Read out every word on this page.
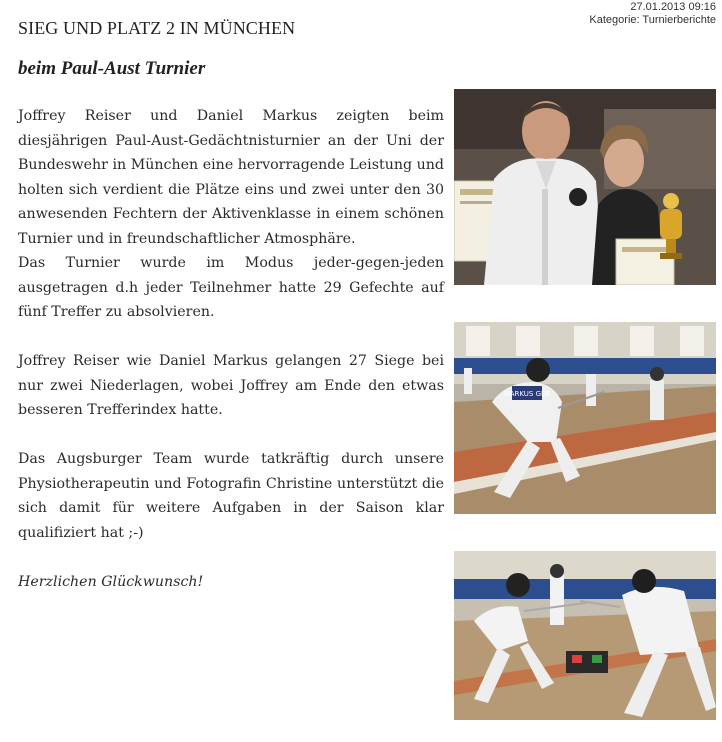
27.01.2013 09:16
Kategorie: Turnierberichte
SIEG UND PLATZ 2 IN MÜNCHEN
beim Paul-Aust Turnier

Joffrey Reiser und Daniel Markus zeigten beim diesjährigen Paul-Aust-Gedächtnisturnier an der Uni der Bundeswehr in München eine hervorragende Leistung und holten sich verdient die Plätze eins und zwei unter den 30 anwesenden Fechtern der Aktivenklasse in einem schönen Turnier und in freundschaftlicher Atmosphäre.

Das Turnier wurde im Modus jeder-gegen-jeden ausgetragen d.h jeder Teilnehmer hatte 29 Gefechte auf fünf Treffer zu absolvieren.

Joffrey Reiser wie Daniel Markus gelangen 27 Siege bei nur zwei Niederlagen, wobei Joffrey am Ende den etwas besseren Trefferindex hatte.

Das Augsburger Team wurde tatkräftig durch unsere Physiotherapeutin und Fotografin Christine unterstützt die sich damit für weitere Aufgaben in der Saison klar qualifiziert hat ;-)

Herzlichen Glückwunsch!

MARKUS GER
